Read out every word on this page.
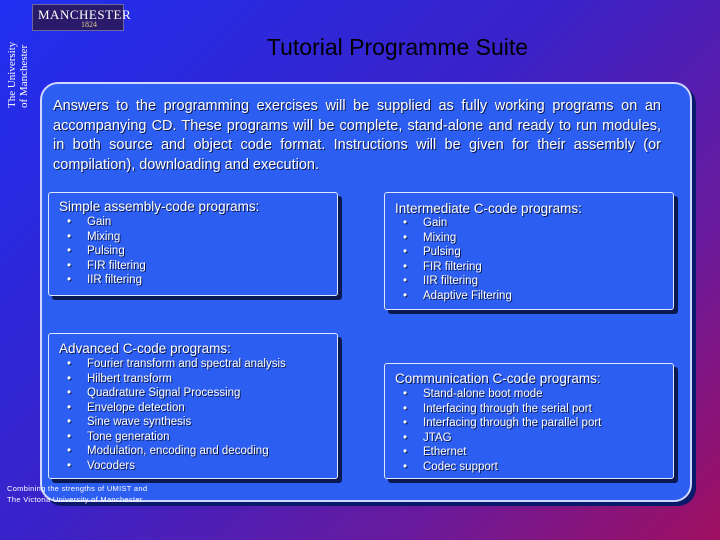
MANCHESTER
1824
The University of Manchester	Tutorial Programme Suite
Answers to the programming exercises will be supplied as fully working programs on an accompanying CD. These programs will be complete, stand-alone and ready to run modules, in both source and object code format. Instructions will be given for their assembly (or compilation), downloading and execution.
Simple assembly-code programs:
• Gain
• Mixing
• Pulsing
• FIR filtering
• IIR filtering
Intermediate C-code programs:
• Gain
• Mixing
• Pulsing
• FIR filtering
• IIR filtering
• Adaptive Filtering
Advanced C-code programs:
• Fourier transform and spectral analysis
• Hilbert transform
• Quadrature Signal Processing
• Envelope detection
• Sine wave synthesis
• Tone generation
• Modulation, encoding and decoding
• Vocoders
Communication C-code programs:
• Stand-alone boot mode
• Interfacing through the serial port
• Interfacing through the parallel port
• JTAG
• Ethernet
• Codec support
Combining the strengths of UMIST and
The Victoria University of Manchester
